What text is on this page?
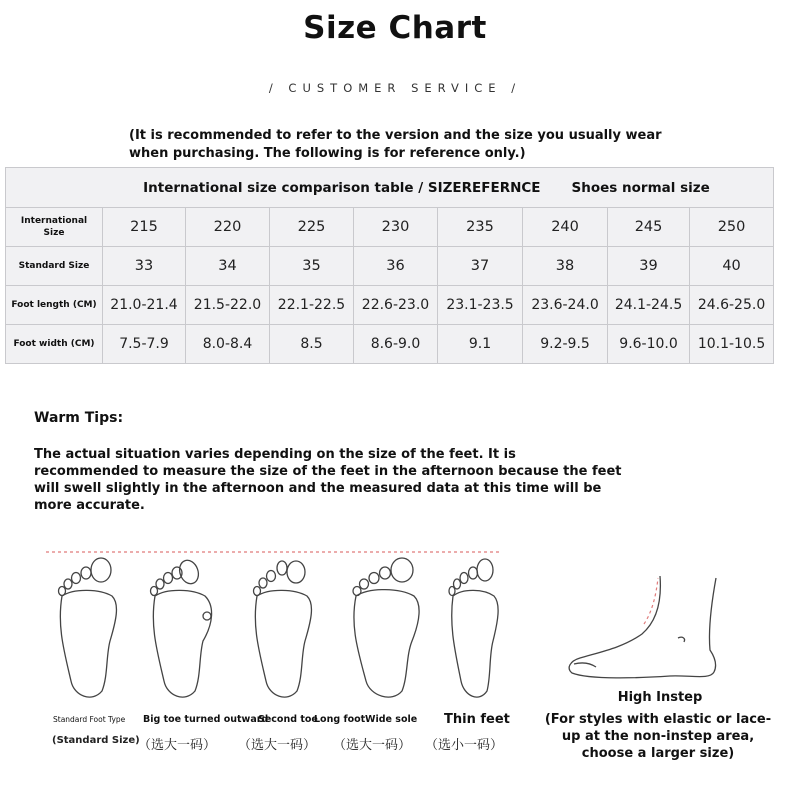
Size Chart
/ CUSTOMER SERVICE /
(It is recommended to refer to the version and the size you usually wear when purchasing. The following is for reference only.)
International size comparison table / SIZEREFERNCE							Shoes normal size	
International Size	215	220	225	230	235	240	245	250
Standard Size	33	34	35	36	37	38	39	40
Foot length (CM)	21.0-21.4	21.5-22.0	22.1-22.5	22.6-23.0	23.1-23.5	23.6-24.0	24.1-24.5	24.6-25.0
Foot width (CM)	7.5-7.9	8.0-8.4	8.5	8.6-9.0	9.1	9.2-9.5	9.6-10.0	10.1-10.5
Warm Tips:
The actual situation varies depending on the size of the feet. It is recommended to measure the size of the feet in the afternoon because the feet will swell slightly in the afternoon and the measured data at this time will be more accurate.
Standard Foot Type Big toe turned outward
Second toe
Long foot Wide sole Thin feet
(Standard Size)
（选大一码） （选大一码） （选大一码） （选小一码）
High Instep
(For styles with elastic or lace-up at the non-instep area, choose a larger size)
